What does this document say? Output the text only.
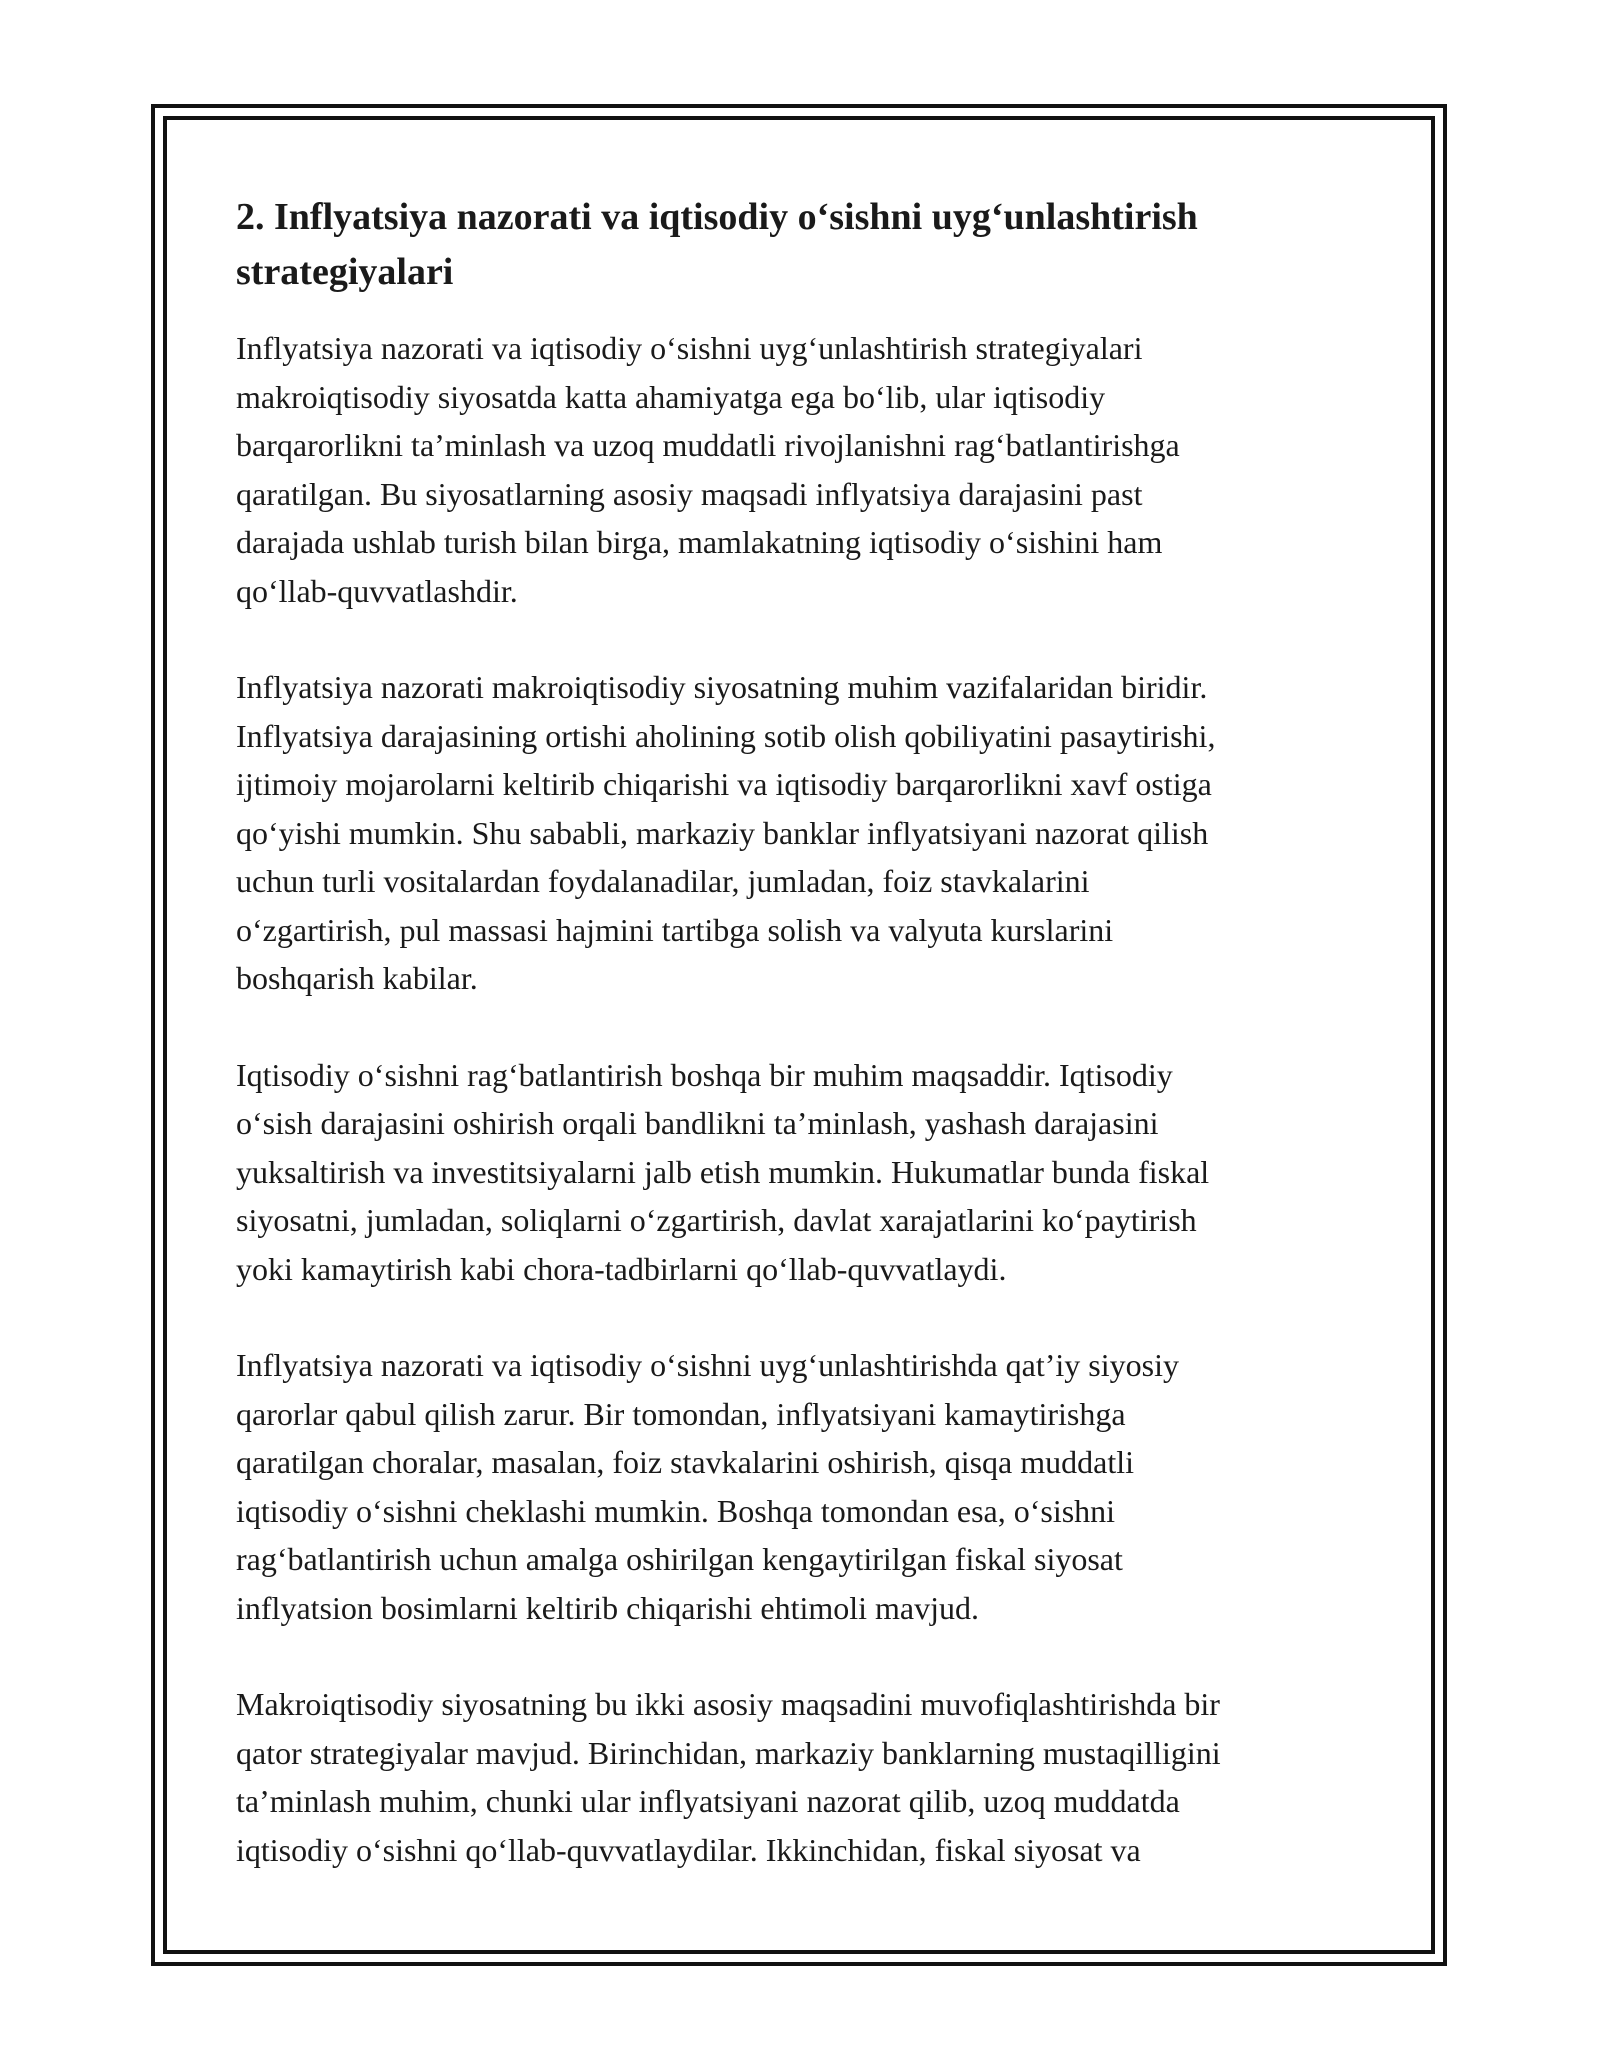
2. Inflyatsiya nazorati va iqtisodiy o‘sishni uyg‘unlashtirish strategiyalari

Inflyatsiya nazorati va iqtisodiy o‘sishni uyg‘unlashtirish strategiyalari
makroiqtisodiy siyosatda katta ahamiyatga ega bo‘lib, ular iqtisodiy
barqarorlikni ta’minlash va uzoq muddatli rivojlanishni rag‘batlantirishga
qaratilgan. Bu siyosatlarning asosiy maqsadi inflyatsiya darajasini past
darajada ushlab turish bilan birga, mamlakatning iqtisodiy o‘sishini ham
qo‘llab-quvvatlashdir.

Inflyatsiya nazorati makroiqtisodiy siyosatning muhim vazifalaridan biridir.
Inflyatsiya darajasining ortishi aholining sotib olish qobiliyatini pasaytirishi,
ijtimoiy mojarolarni keltirib chiqarishi va iqtisodiy barqarorlikni xavf ostiga
qo‘yishi mumkin. Shu sababli, markaziy banklar inflyatsiyani nazorat qilish
uchun turli vositalardan foydalanadilar, jumladan, foiz stavkalarini
o‘zgartirish, pul massasi hajmini tartibga solish va valyuta kurslarini
boshqarish kabilar.

Iqtisodiy o‘sishni rag‘batlantirish boshqa bir muhim maqsaddir. Iqtisodiy
o‘sish darajasini oshirish orqali bandlikni ta’minlash, yashash darajasini
yuksaltirish va investitsiyalarni jalb etish mumkin. Hukumatlar bunda fiskal
siyosatni, jumladan, soliqlarni o‘zgartirish, davlat xarajatlarini ko‘paytirish
yoki kamaytirish kabi chora-tadbirlarni qo‘llab-quvvatlaydi.

Inflyatsiya nazorati va iqtisodiy o‘sishni uyg‘unlashtirishda qat’iy siyosiy
qarorlar qabul qilish zarur. Bir tomondan, inflyatsiyani kamaytirishga
qaratilgan choralar, masalan, foiz stavkalarini oshirish, qisqa muddatli
iqtisodiy o‘sishni cheklashi mumkin. Boshqa tomondan esa, o‘sishni
rag‘batlantirish uchun amalga oshirilgan kengaytirilgan fiskal siyosat
inflyatsion bosimlarni keltirib chiqarishi ehtimoli mavjud.

Makroiqtisodiy siyosatning bu ikki asosiy maqsadini muvofiqlashtirishda bir
qator strategiyalar mavjud. Birinchidan, markaziy banklarning mustaqilligini
ta’minlash muhim, chunki ular inflyatsiyani nazorat qilib, uzoq muddatda
iqtisodiy o‘sishni qo‘llab-quvvatlaydilar. Ikkinchidan, fiskal siyosat va
